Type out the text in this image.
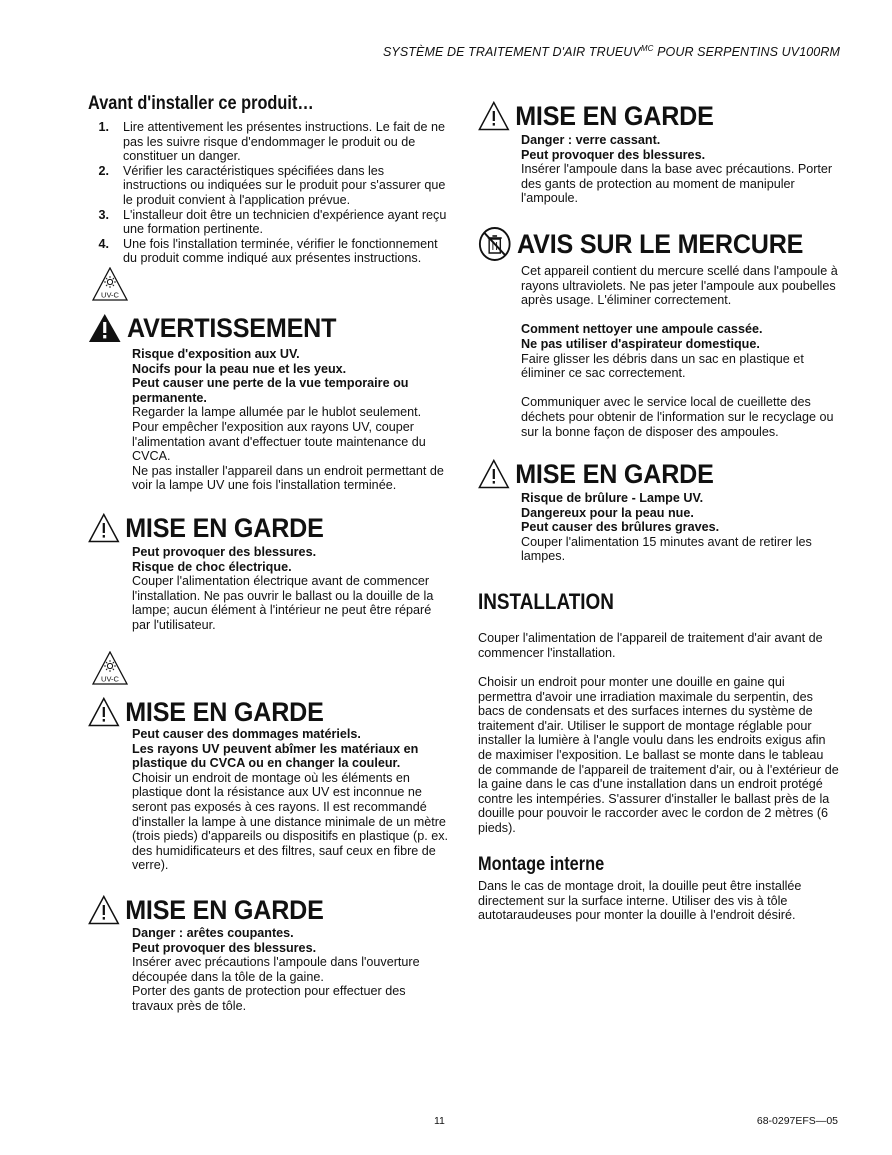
SYSTÈME DE TRAITEMENT D'AIR $TRUEUV^{MC}$ POUR SERPENTINS UV100RM
Avant d'installer ce produit…
1.	Lire attentivement les présentes instructions. Le fait de ne pas les suivre risque d'endommager le produit ou de constituer un danger.
2.	Vérifier les caractéristiques spécifiées dans les instructions ou indiquées sur le produit pour s'assurer que le produit convient à l'application prévue.
3.	L'installeur doit être un technicien d'expérience ayant reçu une formation pertinente.
4.	Une fois l'installation terminée, vérifier le fonctionnement du produit comme indiqué aux présentes instructions.
UV-C
AVERTISSEMENT
Risque d'exposition aux UV.
Nocifs pour la peau nue et les yeux.
Peut causer une perte de la vue temporaire ou permanente.
Regarder la lampe allumée par le hublot seulement. Pour empêcher l'exposition aux rayons UV, couper l'alimentation avant d'effectuer toute maintenance du CVCA.
Ne pas installer l'appareil dans un endroit permettant de voir la lampe UV une fois l'installation terminée.
MISE EN GARDE
Peut provoquer des blessures.
Risque de choc électrique.
Couper l'alimentation électrique avant de commencer l'installation. Ne pas ouvrir le ballast ou la douille de la lampe; aucun élément à l'intérieur ne peut être réparé par l'utilisateur.
UV-C
MISE EN GARDE
Peut causer des dommages matériels.
Les rayons UV peuvent abîmer les matériaux en plastique du CVCA ou en changer la couleur.
Choisir un endroit de montage où les éléments en plastique dont la résistance aux UV est inconnue ne seront pas exposés à ces rayons. Il est recommandé d'installer la lampe à une distance minimale de un mètre (trois pieds) d'appareils ou dispositifs en plastique (p. ex. des humidificateurs et des filtres, sauf ceux en fibre de verre).
MISE EN GARDE
Danger : arêtes coupantes.
Peut provoquer des blessures.
Insérer avec précautions l'ampoule dans l'ouverture découpée dans la tôle de la gaine.
Porter des gants de protection pour effectuer des travaux près de tôle.
MISE EN GARDE
Danger : verre cassant.
Peut provoquer des blessures.
Insérer l'ampoule dans la base avec précautions. Porter des gants de protection au moment de manipuler l'ampoule.
AVIS SUR LE MERCURE
Cet appareil contient du mercure scellé dans l'ampoule à rayons ultraviolets. Ne pas jeter l'ampoule aux poubelles après usage. L'éliminer correctement.
Comment nettoyer une ampoule cassée.
Ne pas utiliser d'aspirateur domestique.
Faire glisser les débris dans un sac en plastique et éliminer ce sac correctement.
Communiquer avec le service local de cueillette des déchets pour obtenir de l'information sur le recyclage ou sur la bonne façon de disposer des ampoules.
MISE EN GARDE
Risque de brûlure - Lampe UV.
Dangereux pour la peau nue.
Peut causer des brûlures graves.
Couper l'alimentation 15 minutes avant de retirer les lampes.
INSTALLATION

Couper l'alimentation de l'appareil de traitement d'air avant de commencer l'installation.

Choisir un endroit pour monter une douille en gaine qui permettra d'avoir une irradiation maximale du serpentin, des bacs de condensats et des surfaces internes du système de traitement d'air. Utiliser le support de montage réglable pour installer la lumière à l'angle voulu dans les endroits exigus afin de maximiser l'exposition. Le ballast se monte dans le tableau de commande de l'appareil de traitement d'air, ou à l'extérieur de la gaine dans le cas d'une installation dans un endroit protégé contre les intempéries. S'assurer d'installer le ballast près de la douille pour pouvoir le raccorder avec le cordon de 2 mètres (6 pieds).

Montage interne

Dans le cas de montage droit, la douille peut être installée directement sur la surface interne. Utiliser des vis à tôle autotaraudeuses pour monter la douille à l'endroit désiré.

11	68-0297EFS—05
